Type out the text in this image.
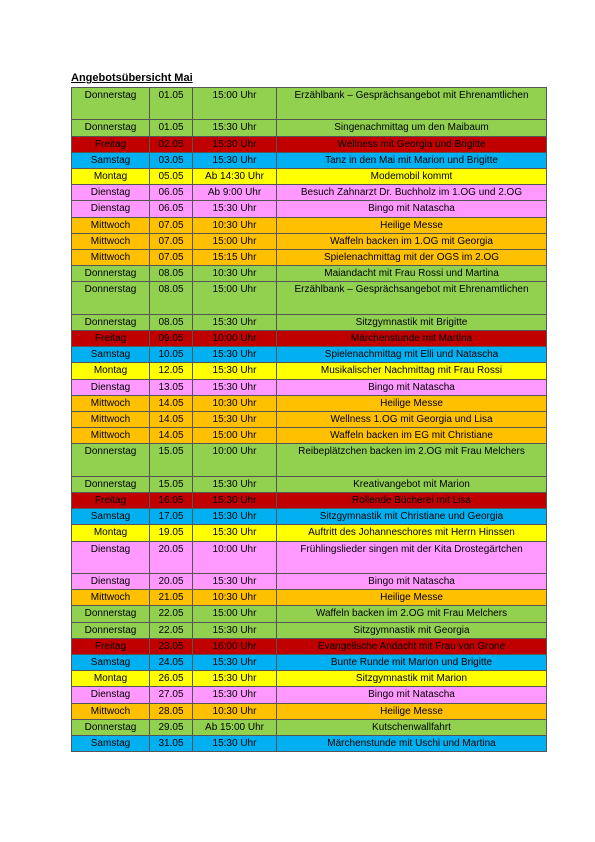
Angebotsübersicht Mai
Donnerstag	01.05	15:00 Uhr	Erzählbank – Gesprächsangebot mit Ehrenamtlichen
Donnerstag	01.05	15:30 Uhr	Singenachmittag um den Maibaum
Freitag	02.05	15:30 Uhr	Wellness mit Georgia und Brigitte
Samstag	03.05	15:30 Uhr	Tanz in den Mai mit Marion und Brigitte
Montag	05.05	Ab 14:30 Uhr	Modemobil kommt
Dienstag	06.05	Ab 9:00 Uhr	Besuch Zahnarzt Dr. Buchholz im 1.OG und 2.OG
Dienstag	06.05	15:30 Uhr	Bingo mit Natascha
Mittwoch	07.05	10:30 Uhr	Heilige Messe
Mittwoch	07.05	15:00 Uhr	Waffeln backen im 1.OG mit Georgia
Mittwoch	07.05	15:15 Uhr	Spielenachmittag mit der OGS im 2.OG
Donnerstag	08.05	10:30 Uhr	Maiandacht mit Frau Rossi und Martina
Donnerstag	08.05	15:00 Uhr	Erzählbank – Gesprächsangebot mit Ehrenamtlichen
Donnerstag	08.05	15:30 Uhr	Sitzgymnastik mit Brigitte
Freitag	09.05	10:00 Uhr	Märchenstunde mit Martina
Samstag	10.05	15:30 Uhr	Spielenachmittag mit Elli und Natascha
Montag	12.05	15:30 Uhr	Musikalischer Nachmittag mit Frau Rossi
Dienstag	13.05	15:30 Uhr	Bingo mit Natascha
Mittwoch	14.05	10:30 Uhr	Heilige Messe
Mittwoch	14.05	15:30 Uhr	Wellness 1.OG mit Georgia und Lisa
Mittwoch	14.05	15:00 Uhr	Waffeln backen im EG mit Christiane
Donnerstag	15.05	10:00 Uhr	Reibeplätzchen backen im 2.OG mit Frau Melchers
Donnerstag	15.05	15:30 Uhr	Kreativangebot mit Marion
Freitag	16.05	15:30 Uhr	Rollende Bücherei mit Lisa
Samstag	17.05	15:30 Uhr	Sitzgymnastik mit Christiane und Georgia
Montag	19.05	15:30 Uhr	Auftritt des Johanneschores mit Herrn Hinssen
Dienstag	20.05	10:00 Uhr	Frühlingslieder singen mit der Kita Drostegärtchen
Dienstag	20.05	15:30 Uhr	Bingo mit Natascha
Mittwoch	21.05	10:30 Uhr	Heilige Messe
Donnerstag	22.05	15:00 Uhr	Waffeln backen im 2.OG mit Frau Melchers
Donnerstag	22.05	15:30 Uhr	Sitzgymnastik mit Georgia
Freitag	23.05	16:00 Uhr	Evangelische Andacht mit Frau von Grone
Samstag	24.05	15:30 Uhr	Bunte Runde mit Marion und Brigitte
Montag	26.05	15:30 Uhr	Sitzgymnastik mit Marion
Dienstag	27.05	15:30 Uhr	Bingo mit Natascha
Mittwoch	28.05	10:30 Uhr	Heilige Messe
Donnerstag	29.05	Ab 15:00 Uhr	Kutschenwallfahrt
Samstag	31.05	15:30 Uhr	Märchenstunde mit Uschi und Martina
